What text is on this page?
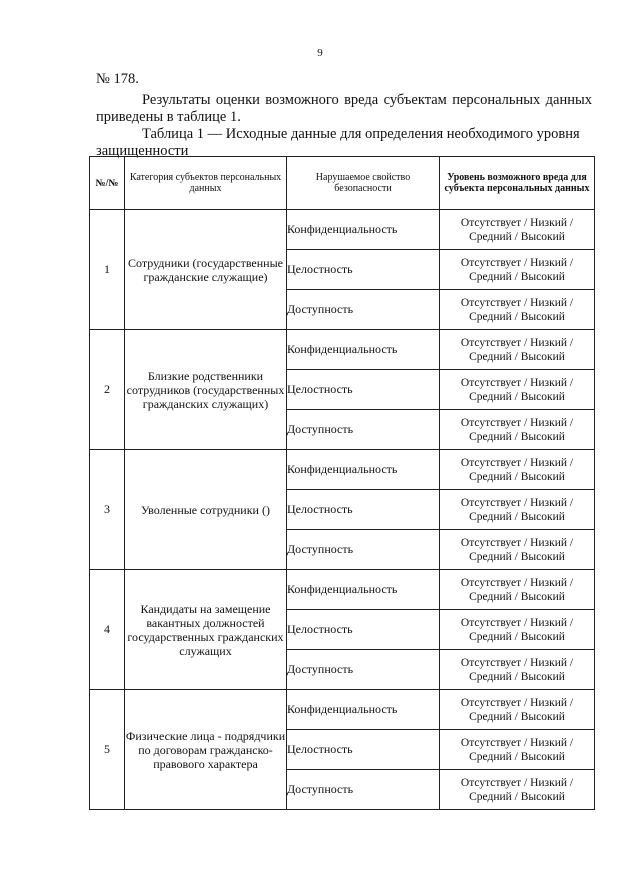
9
№ 178.
Результаты оценки возможного вреда субъектам персональных данных
приведены в таблице 1.
Таблица 1 — Исходные данные для определения необходимого уровня
защищенности
№/№	Категория субъектов персональных данных	Нарушаемое свойство безопасности	Уровень возможного вреда для субъекта персональных данных
1	Сотрудники (государственные гражданские служащие)	Конфиденциальность	Отсутствует / Низкий /
Средний / Высокий

		Целостность	Отсутствует / Низкий /
Средний / Высокий

		Доступность	Отсутствует / Низкий /
Средний / Высокий

2	Близкие родственники сотрудников (государственных гражданских служащих)	Конфиденциальность	Отсутствует / Низкий /
Средний / Высокий

		Целостность	Отсутствует / Низкий /
Средний / Высокий

		Доступность	Отсутствует / Низкий /
Средний / Высокий

3	Уволенные сотрудники ()	Конфиденциальность	Отсутствует / Низкий /
Средний / Высокий

		Целостность	Отсутствует / Низкий /
Средний / Высокий

		Доступность	Отсутствует / Низкий /
Средний / Высокий

4	Кандидаты на замещение вакантных должностей государственных гражданских служащих	Конфиденциальность	Отсутствует / Низкий /
Средний / Высокий

		Целостность	Отсутствует / Низкий /
Средний / Высокий

		Доступность	Отсутствует / Низкий /
Средний / Высокий

5	Физические лица - подрядчики по договорам гражданско-правового характера	Конфиденциальность	Отсутствует / Низкий /
Средний / Высокий

		Целостность	Отсутствует / Низкий /
Средний / Высокий

		Доступность	Отсутствует / Низкий /
Средний / Высокий
